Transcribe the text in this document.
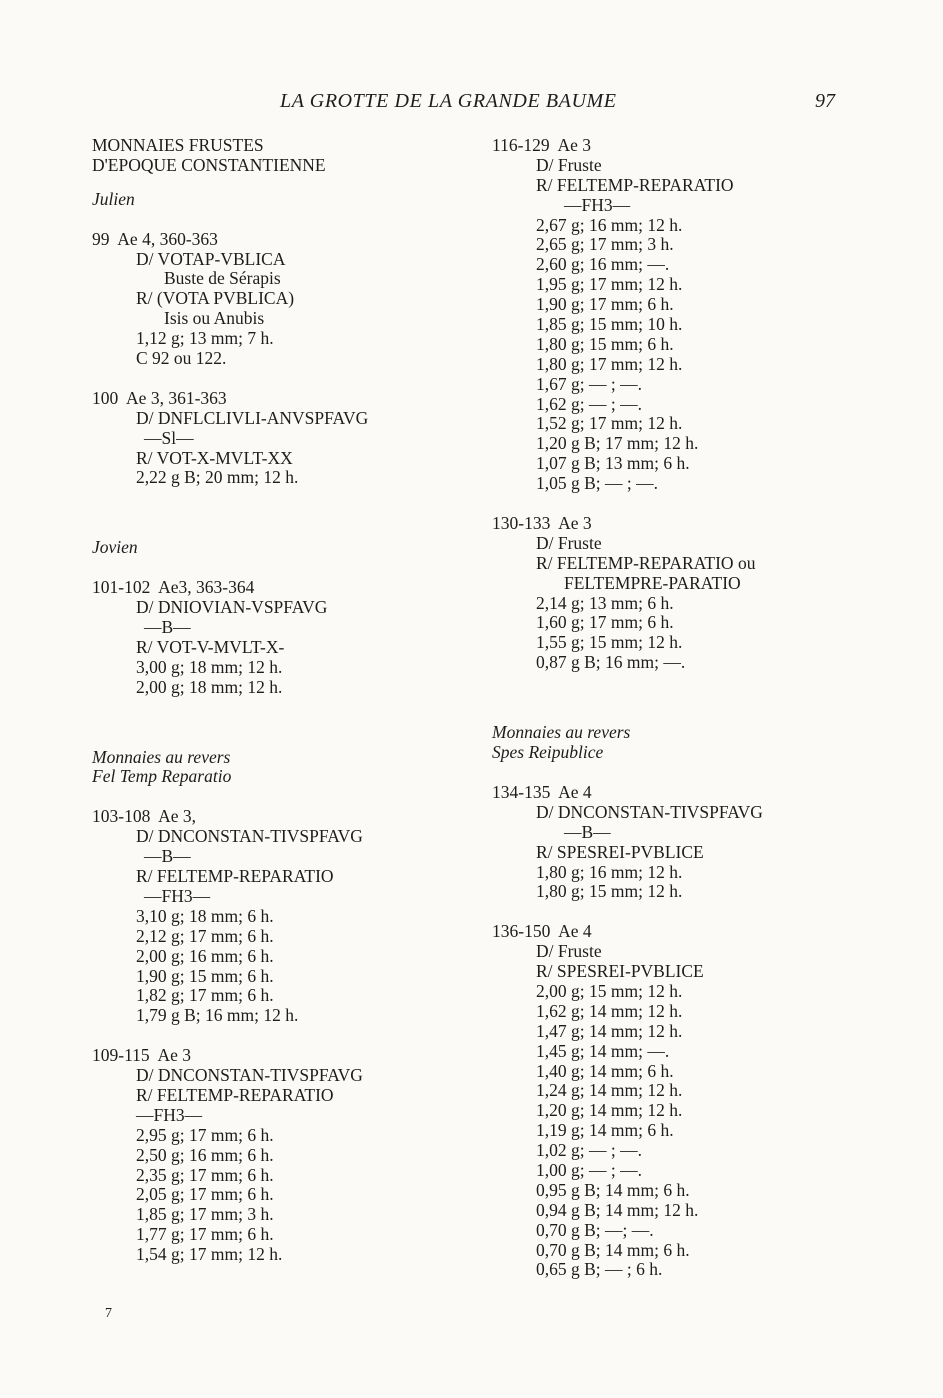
LA GROTTE DE LA GRANDE BAUME	97
MONNAIES FRUSTES
D'EPOQUE CONSTANTIENNE
Julien
99 Ae 4, 360-363
D/ VOTAP-VBLICA
Buste de Sérapis
R/ (VOTA PVBLICA)
Isis ou Anubis
1,12 g; 13 mm; 7 h.
C 92 ou 122.
100 Ae 3, 361-363
D/ DNFLCLIVLI-ANVSPFAVG
—Sl—
R/ VOT-X-MVLT-XX
2,22 g B; 20 mm; 12 h.
Jovien
101-102 Ae3, 363-364
D/ DNIOVIAN-VSPFAVG
—B—
R/ VOT-V-MVLT-X-
3,00 g; 18 mm; 12 h.
2,00 g; 18 mm; 12 h.
Monnaies au revers
Fel Temp Reparatio
103-108 Ae 3,
D/ DNCONSTAN-TIVSPFAVG
—B—
R/ FELTEMP-REPARATIO
—FH3—
3,10 g; 18 mm; 6 h.
2,12 g; 17 mm; 6 h.
2,00 g; 16 mm; 6 h.
1,90 g; 15 mm; 6 h.
1,82 g; 17 mm; 6 h.
1,79 g B; 16 mm; 12 h.
109-115 Ae 3
D/ DNCONSTAN-TIVSPFAVG
R/ FELTEMP-REPARATIO
—FH3—
2,95 g; 17 mm; 6 h.
2,50 g; 16 mm; 6 h.
2,35 g; 17 mm; 6 h.
2,05 g; 17 mm; 6 h.
1,85 g; 17 mm; 3 h.
1,77 g; 17 mm; 6 h.
1,54 g; 17 mm; 12 h.
116-129 Ae 3
D/ Fruste
R/ FELTEMP-REPARATIO
—FH3—
2,67 g; 16 mm; 12 h.
2,65 g; 17 mm; 3 h.
2,60 g; 16 mm; —.
1,95 g; 17 mm; 12 h.
1,90 g; 17 mm; 6 h.
1,85 g; 15 mm; 10 h.
1,80 g; 15 mm; 6 h.
1,80 g; 17 mm; 12 h.
1,67 g; — ; —.
1,62 g; — ; —.
1,52 g; 17 mm; 12 h.
1,20 g B; 17 mm; 12 h.
1,07 g B; 13 mm; 6 h.
1,05 g B; — ; —.
130-133 Ae 3
D/ Fruste
R/ FELTEMP-REPARATIO ou
FELTEMPRE-PARATIO
2,14 g; 13 mm; 6 h.
1,60 g; 17 mm; 6 h.
1,55 g; 15 mm; 12 h.
0,87 g B; 16 mm; —.
Monnaies au revers
Spes Reipublice
134-135 Ae 4
D/ DNCONSTAN-TIVSPFAVG
—B—
R/ SPESREI-PVBLICE
1,80 g; 16 mm; 12 h.
1,80 g; 15 mm; 12 h.
136-150 Ae 4
D/ Fruste
R/ SPESREI-PVBLICE
2,00 g; 15 mm; 12 h.
1,62 g; 14 mm; 12 h.
1,47 g; 14 mm; 12 h.
1,45 g; 14 mm; —.
1,40 g; 14 mm; 6 h.
1,24 g; 14 mm; 12 h.
1,20 g; 14 mm; 12 h.
1,19 g; 14 mm; 6 h.
1,02 g; — ; —.
1,00 g; — ; —.
0,95 g B; 14 mm; 6 h.
0,94 g B; 14 mm; 12 h.
0,70 g B; —; —.
0,70 g B; 14 mm; 6 h.
0,65 g B; — ; 6 h.
7
